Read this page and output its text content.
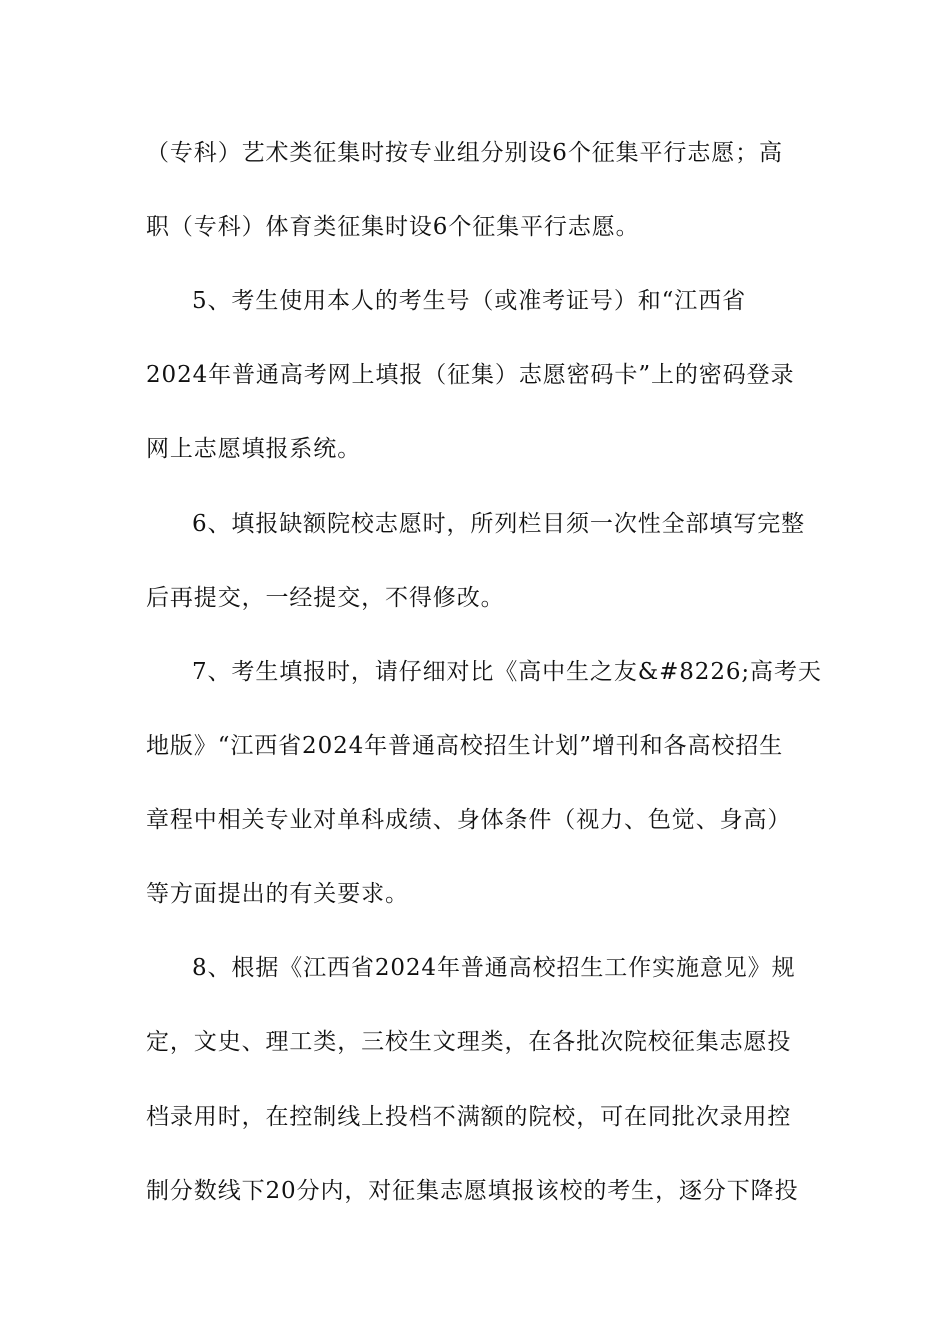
（专科）艺术类征集时按专业组分别设6个征集平行志愿；高
职（专科）体育类征集时设6个征集平行志愿。
5、考生使用本人的考生号（或准考证号）和“江西省
2024年普通高考网上填报（征集）志愿密码卡”上的密码登录
网上志愿填报系统。
6、填报缺额院校志愿时，所列栏目须一次性全部填写完整
后再提交，一经提交，不得修改。
7、考生填报时，请仔细对比《高中生之友&#8226;高考天
地版》“江西省2024年普通高校招生计划”增刊和各高校招生
章程中相关专业对单科成绩、身体条件（视力、色觉、身高）
等方面提出的有关要求。
8、根据《江西省2024年普通高校招生工作实施意见》规
定，文史、理工类，三校生文理类，在各批次院校征集志愿投
档录用时，在控制线上投档不满额的院校，可在同批次录用控
制分数线下20分内，对征集志愿填报该校的考生，逐分下降投
